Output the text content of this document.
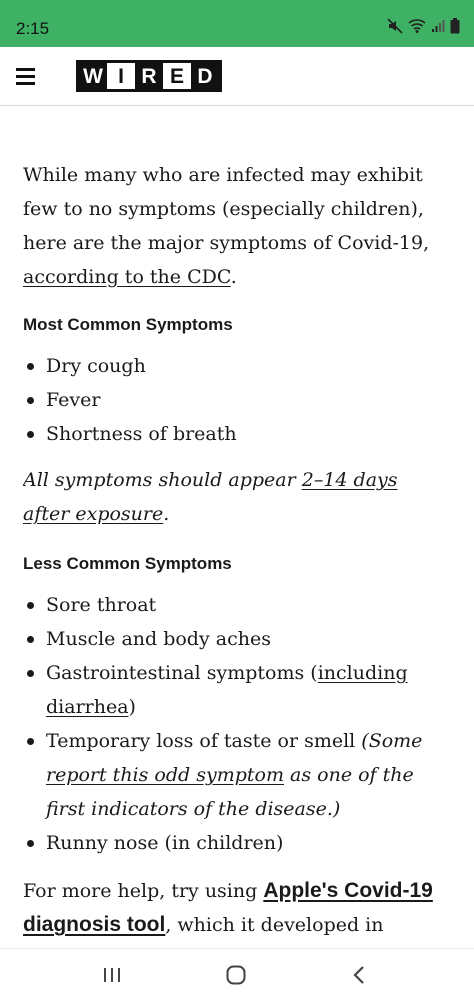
2:15
W I R E D

While many who are infected may exhibit few to no symptoms (especially children), here are the major symptoms of Covid-19, according to the CDC.

Most Common Symptoms
Dry cough
Fever
Shortness of breath

All symptoms should appear 2–14 days after exposure.

Less Common Symptoms
Sore throat
Muscle and body aches
Gastrointestinal symptoms (including diarrhea)
Temporary loss of taste or smell (Some report this odd symptom as one of the first indicators of the disease.)
Runny nose (in children)

For more help, try using Apple's Covid-19 diagnosis tool, which it developed in
